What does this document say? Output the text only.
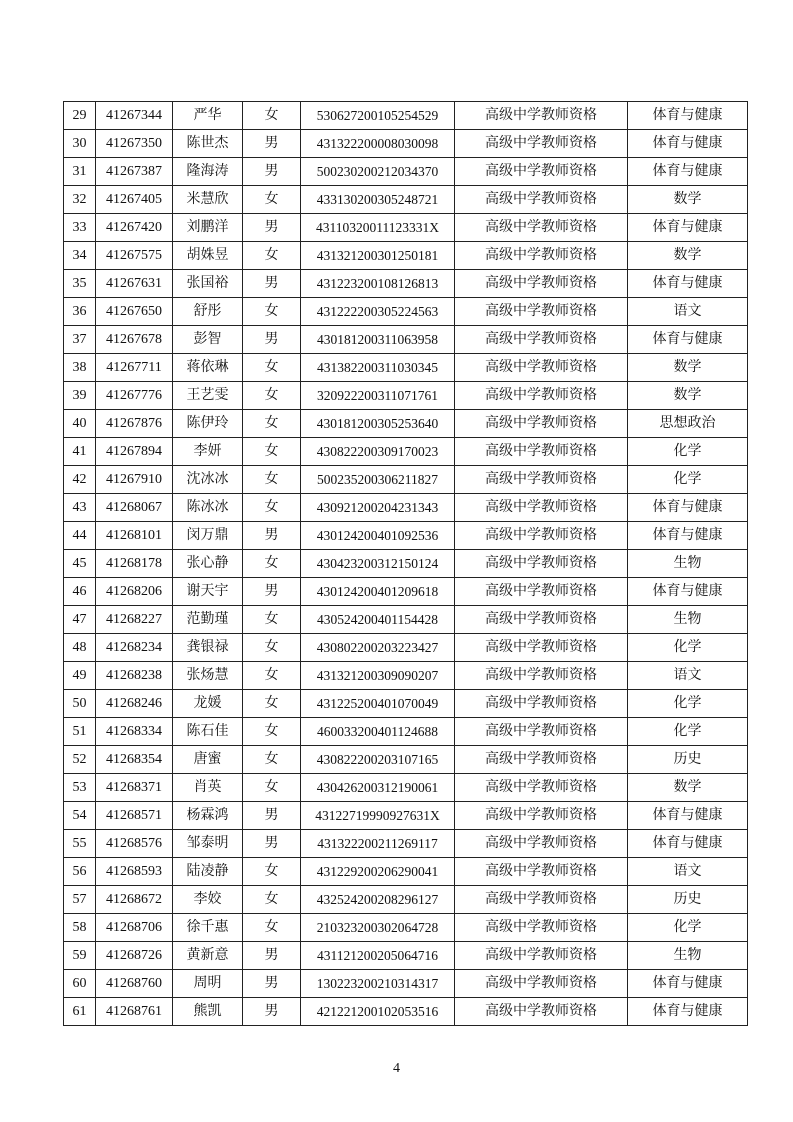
29	41267344	严华	女	530627200105254529	高级中学教师资格	体育与健康
30	41267350	陈世杰	男	431322200008030098	高级中学教师资格	体育与健康
31	41267387	隆海涛	男	500230200212034370	高级中学教师资格	体育与健康
32	41267405	米慧欣	女	433130200305248721	高级中学教师资格	数学
33	41267420	刘鹏洋	男	43110320011123331X	高级中学教师资格	体育与健康
34	41267575	胡姝昱	女	431321200301250181	高级中学教师资格	数学
35	41267631	张国裕	男	431223200108126813	高级中学教师资格	体育与健康
36	41267650	舒彤	女	431222200305224563	高级中学教师资格	语文
37	41267678	彭智	男	430181200311063958	高级中学教师资格	体育与健康
38	41267711	蒋依琳	女	431382200311030345	高级中学教师资格	数学
39	41267776	王艺雯	女	320922200311071761	高级中学教师资格	数学
40	41267876	陈伊玲	女	430181200305253640	高级中学教师资格	思想政治
41	41267894	李妍	女	430822200309170023	高级中学教师资格	化学
42	41267910	沈冰冰	女	500235200306211827	高级中学教师资格	化学
43	41268067	陈冰冰	女	430921200204231343	高级中学教师资格	体育与健康
44	41268101	闵万鼎	男	430124200401092536	高级中学教师资格	体育与健康
45	41268178	张心静	女	430423200312150124	高级中学教师资格	生物
46	41268206	谢天宇	男	430124200401209618	高级中学教师资格	体育与健康
47	41268227	范勤瑾	女	430524200401154428	高级中学教师资格	生物
48	41268234	龚银禄	女	430802200203223427	高级中学教师资格	化学
49	41268238	张炀慧	女	431321200309090207	高级中学教师资格	语文
50	41268246	龙媛	女	431225200401070049	高级中学教师资格	化学
51	41268334	陈石佳	女	460033200401124688	高级中学教师资格	化学
52	41268354	唐蜜	女	430822200203107165	高级中学教师资格	历史
53	41268371	肖英	女	430426200312190061	高级中学教师资格	数学
54	41268571	杨霖鸿	男	43122719990927631X	高级中学教师资格	体育与健康
55	41268576	邹泰明	男	431322200211269117	高级中学教师资格	体育与健康
56	41268593	陆凌静	女	431229200206290041	高级中学教师资格	语文
57	41268672	李姣	女	432524200208296127	高级中学教师资格	历史
58	41268706	徐千惠	女	210323200302064728	高级中学教师资格	化学
59	41268726	黄新意	男	431121200205064716	高级中学教师资格	生物
60	41268760	周明	男	130223200210314317	高级中学教师资格	体育与健康
61	41268761	熊凯	男	421221200102053516	高级中学教师资格	体育与健康
4
